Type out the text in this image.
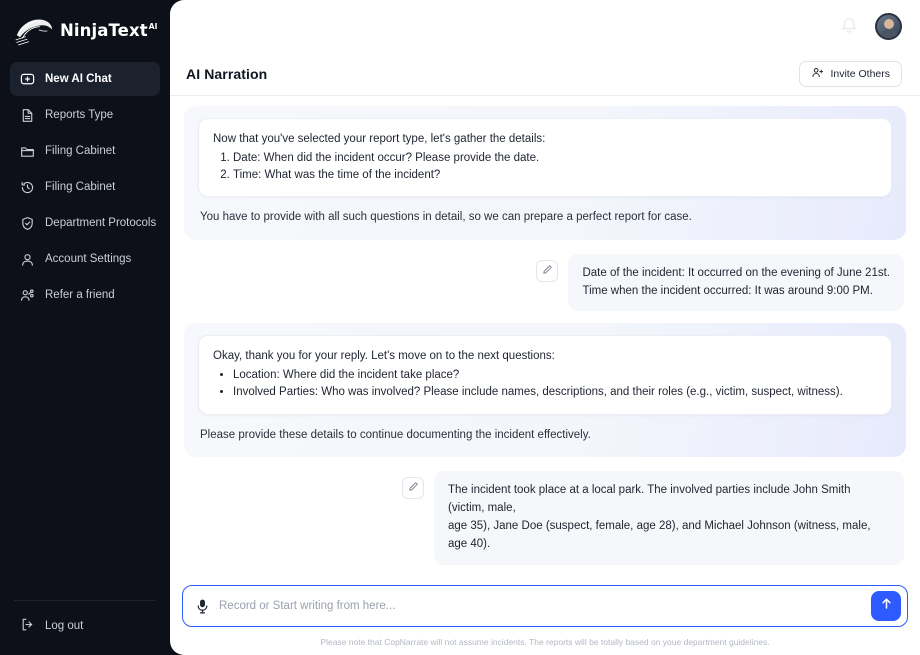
NinjaText$^{AI}$
New AI Chat
Reports Type
Filing Cabinet
Filing Cabinet
Department Protocols
Account Settings
Refer a friend
Log out
AI Narration	Invite Others
Now that you've selected your report type, let's gather the details:
1. Date: When did the incident occur? Please provide the date.
2. Time: What was the time of the incident?
You have to provide with all such questions in detail, so we can prepare a perfect report for case.
Date of the incident: It occurred on the evening of June 21st.
Time when the incident occurred: It was around 9:00 PM.
Okay, thank you for your reply. Let's move on to the next questions:
• Location: Where did the incident take place?
• Involved Parties: Who was involved? Please include names, descriptions, and their roles (e.g., victim, suspect, witness).
Please provide these details to continue documenting the incident effectively.
The incident took place at a local park. The involved parties include John Smith (victim, male,
age 35), Jane Doe (suspect, female, age 28), and Michael Johnson (witness, male, age 40).
Record or Start writing from here...
Please note that CopNarrate will not assume incidents. The reports will be totally based on youe department guidelines.
